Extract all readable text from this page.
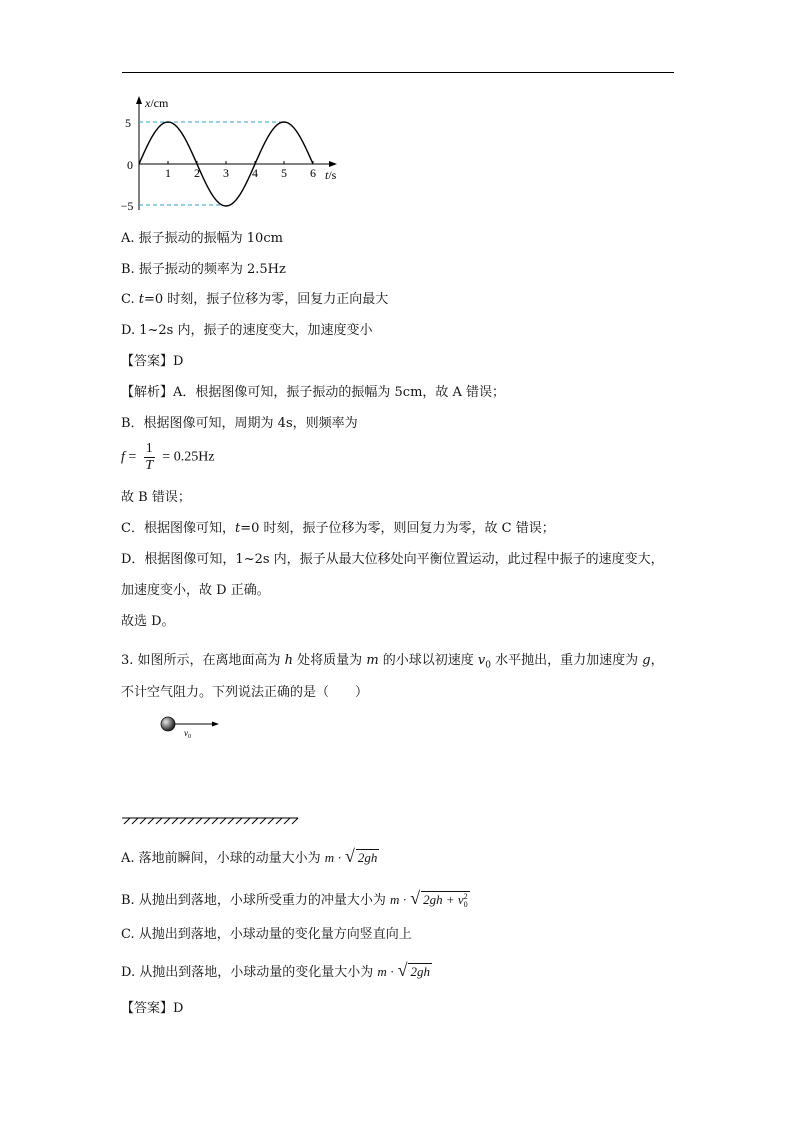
x/cm
5
0
−5
t/s
1 2 3 4 5 6
A. 振子振动的振幅为 10cm
B. 振子振动的频率为 2.5Hz
C. t=0 时刻，振子位移为零，回复力正向最大
D. 1~2s 内，振子的速度变大，加速度变小
【答案】D
【解析】A．根据图像可知，振子振动的振幅为 5cm，故 A 错误；
B．根据图像可知，周期为 4s，则频率为
$f = \frac{1}{T} = 0.25Hz$
故 B 错误；
C．根据图像可知，t=0 时刻，振子位移为零，则回复力为零，故 C 错误；
D．根据图像可知，1~2s 内，振子从最大位移处向平衡位置运动，此过程中振子的速度变大，
加速度变小，故 D 正确。
故选 D。
3. 如图所示，在离地面高为 h 处将质量为 m 的小球以初速度 $v_0$ 水平抛出，重力加速度为 g，
不计空气阻力。下列说法正确的是（　　）
$v_0$
A. 落地前瞬间，小球的动量大小为 m · √ 2gh
B. 从抛出到落地，小球所受重力的冲量大小为 m · √ 2gh + v 2
0
C. 从抛出到落地，小球动量的变化量方向竖直向上
D. 从抛出到落地，小球动量的变化量大小为 m · √ 2gh
【答案】D
